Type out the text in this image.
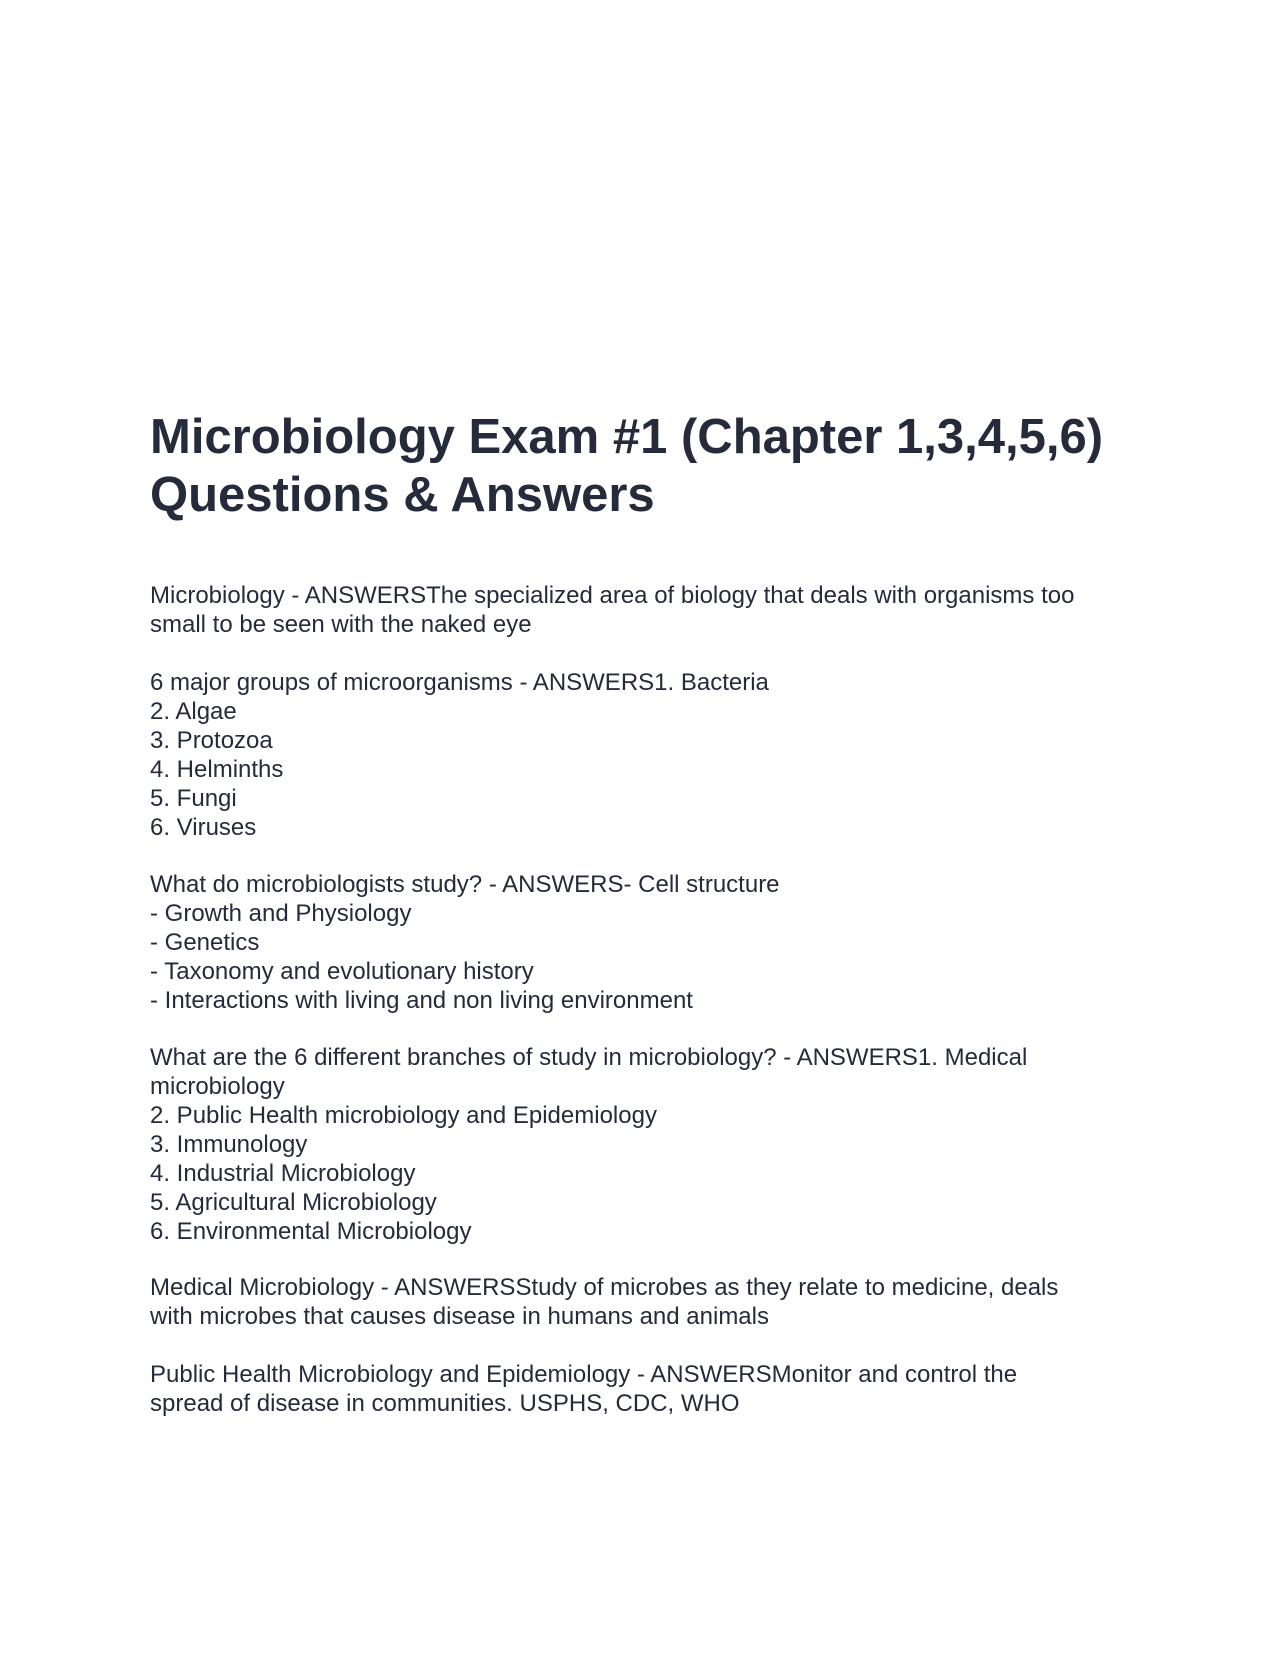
Microbiology Exam #1 (Chapter 1,3,4,5,6)
Questions & Answers
Microbiology - ANSWERSThe specialized area of biology that deals with organisms too
small to be seen with the naked eye
6 major groups of microorganisms - ANSWERS1. Bacteria
2. Algae
3. Protozoa
4. Helminths
5. Fungi
6. Viruses
What do microbiologists study? - ANSWERS- Cell structure
- Growth and Physiology
- Genetics
- Taxonomy and evolutionary history
- Interactions with living and non living environment
What are the 6 different branches of study in microbiology? - ANSWERS1. Medical
microbiology
2. Public Health microbiology and Epidemiology
3. Immunology
4. Industrial Microbiology
5. Agricultural Microbiology
6. Environmental Microbiology
Medical Microbiology - ANSWERSStudy of microbes as they relate to medicine, deals
with microbes that causes disease in humans and animals
Public Health Microbiology and Epidemiology - ANSWERSMonitor and control the
spread of disease in communities. USPHS, CDC, WHO
